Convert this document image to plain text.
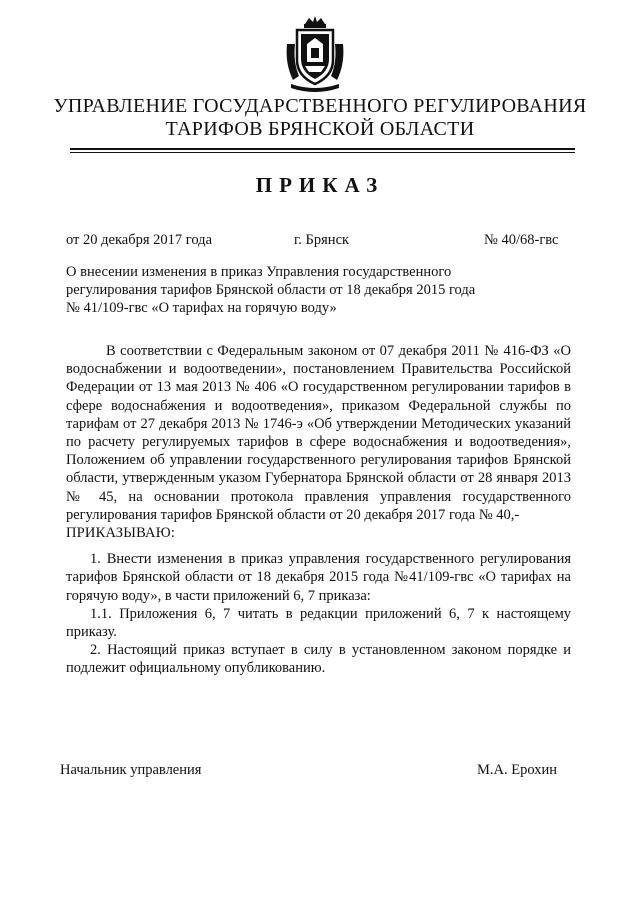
УПРАВЛЕНИЕ ГОСУДАРСТВЕННОГО РЕГУЛИРОВАНИЯ
ТАРИФОВ БРЯНСКОЙ ОБЛАСТИ
ПРИКАЗ
от 20 декабря 2017 года	г. Брянск	№ 40/68-гвс
О внесении изменения в приказ Управления государственного
регулирования тарифов Брянской области от 18 декабря 2015 года
№ 41/109-гвс «О тарифах на горячую воду»

В соответствии с Федеральным законом от 07 декабря 2011 № 416-ФЗ «О водоснабжении и водоотведении», постановлением Правительства Российской Федерации от 13 мая 2013 № 406 «О государственном регулировании тарифов в сфере водоснабжения и водоотведения», приказом Федеральной службы по тарифам от 27 декабря 2013 № 1746-э «Об утверждении Методических указаний по расчету регулируемых тарифов в сфере водоснабжения и водоотведения», Положением об управлении государственного регулирования тарифов Брянской области, утвержденным указом Губернатора Брянской области от 28 января 2013 № 45, на основании протокола правления управления государственного регулирования тарифов Брянской области от 20 декабря 2017 года № 40,-

ПРИКАЗЫВАЮ:

1. Внести изменения в приказ управления государственного регулирования тарифов Брянской области от 18 декабря 2015 года №41/109-гвс «О тарифах на горячую воду», в части приложений 6, 7 приказа:

1.1. Приложения 6, 7 читать в редакции приложений 6, 7 к настоящему приказу.

2. Настоящий приказ вступает в силу в установленном законом порядке и подлежит официальному опубликованию.

Начальник управления	М.А. Ерохин
